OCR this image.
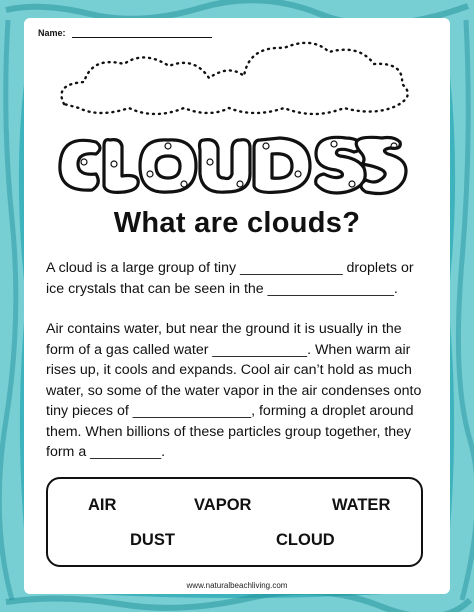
Name:
What are clouds?
A cloud is a large group of tiny _____________ droplets or ice crystals that can be seen in the ________________.
Air contains water, but near the ground it is usually in the form of a gas called water ____________. When warm air rises up, it cools and expands. Cool air can’t hold as much water, so some of the water vapor in the air condenses onto tiny pieces of _______________, forming a droplet around them. When billions of these particles group together, they form a _________.
AIR	VAPOR	WATER
DUST	CLOUD
www.naturalbeachliving.com
